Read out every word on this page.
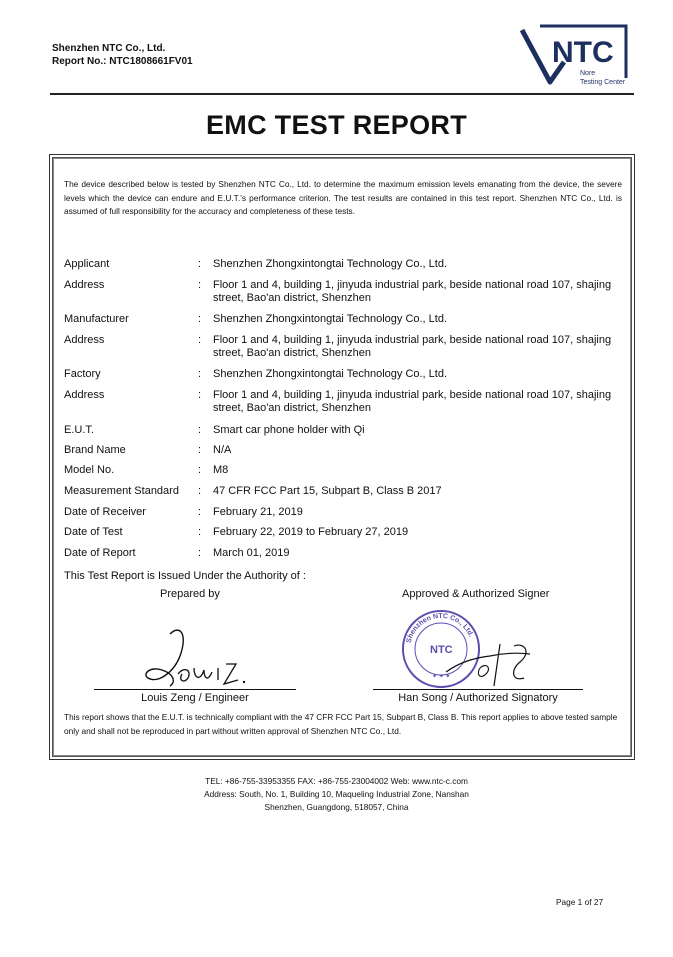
Shenzhen NTC Co., Ltd.
Report No.: NTC1808661FV01	NTC
Nore
Testing Center
EMC TEST REPORT
The device described below is tested by Shenzhen NTC Co., Ltd. to determine the maximum emission levels emanating from the device, the severe levels which the device can endure and E.U.T.’s performance criterion. The test results are contained in this test report. Shenzhen NTC Co., Ltd. is assumed of full responsibility for the accuracy and completeness of these tests.
Applicant	: Shenzhen Zhongxintongtai Technology Co., Ltd.
Address	: Floor 1 and 4, building 1, jinyuda industrial park, beside national road 107, shajing street, Bao'an district, Shenzhen
Manufacturer	: Shenzhen Zhongxintongtai Technology Co., Ltd.
Address	: Floor 1 and 4, building 1, jinyuda industrial park, beside national road 107, shajing street, Bao'an district, Shenzhen
Factory	: Shenzhen Zhongxintongtai Technology Co., Ltd.
Address	: Floor 1 and 4, building 1, jinyuda industrial park, beside national road 107, shajing street, Bao'an district, Shenzhen
E.U.T.	: Smart car phone holder with Qi
Brand Name	: N/A
Model No.	: M8
Measurement Standard : 47 CFR FCC Part 15, Subpart B, Class B 2017
Date of Receiver	: February 21, 2019
Date of Test	: February 22, 2019 to February 27, 2019
Date of Report	: March 01, 2019
This Test Report is Issued Under the Authority of :
Prepared by	Approved & Authorized Signer
Shenzhen NTC Co., Ltd.
NTC
✦ ✦ ✦
Louis Zeng / Engineer	Han Song / Authorized Signatory
This report shows that the E.U.T. is technically compliant with the 47 CFR FCC Part 15, Subpart B, Class B. This report applies to above tested sample only and shall not be reproduced in part without written approval of Shenzhen NTC Co., Ltd.
TEL: +86-755-33953355 FAX: +86-755-23004002 Web: www.ntc-c.com
Address: South, No. 1, Building 10, Maqueling Industrial Zone, Nanshan
Shenzhen, Guangdong, 518057, China
Page 1 of 27
